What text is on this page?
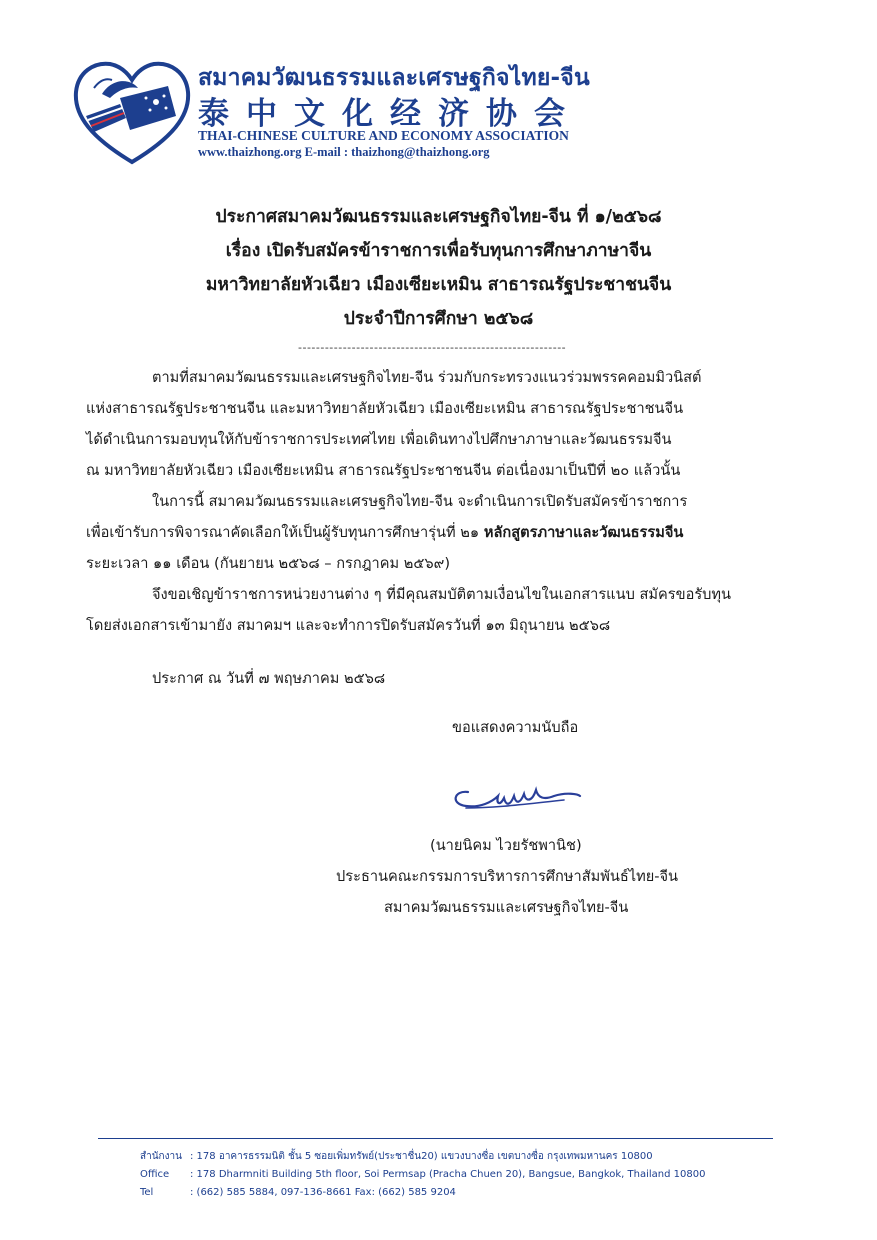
สมาคมวัฒนธรรมและเศรษฐกิจไทย-จีน
泰中文化经济协会
THAI-CHINESE CULTURE AND ECONOMY ASSOCIATION
www.thaizhong.org E-mail : thaizhong@thaizhong.org
ประกาศสมาคมวัฒนธรรมและเศรษฐกิจไทย-จีน ที่ ๑/๒๕๖๘
เรื่อง เปิดรับสมัครข้าราชการเพื่อรับทุนการศึกษาภาษาจีน
มหาวิทยาลัยหัวเฉียว เมืองเซียะเหมิน สาธารณรัฐประชาชนจีน
ประจำปีการศึกษา ๒๕๖๘
------------------------------------------------------------
ตามที่สมาคมวัฒนธรรมและเศรษฐกิจไทย-จีน ร่วมกับกระทรวงแนวร่วมพรรคคอมมิวนิสต์
แห่งสาธารณรัฐประชาชนจีน และมหาวิทยาลัยหัวเฉียว เมืองเซียะเหมิน สาธารณรัฐประชาชนจีน
ได้ดำเนินการมอบทุนให้กับข้าราชการประเทศไทย เพื่อเดินทางไปศึกษาภาษาและวัฒนธรรมจีน
ณ มหาวิทยาลัยหัวเฉียว เมืองเซียะเหมิน สาธารณรัฐประชาชนจีน ต่อเนื่องมาเป็นปีที่ ๒๐ แล้วนั้น
ในการนี้ สมาคมวัฒนธรรมและเศรษฐกิจไทย-จีน จะดำเนินการเปิดรับสมัครข้าราชการ
เพื่อเข้ารับการพิจารณาคัดเลือกให้เป็นผู้รับทุนการศึกษารุ่นที่ ๒๑ หลักสูตรภาษาและวัฒนธรรมจีน
ระยะเวลา ๑๑ เดือน (กันยายน ๒๕๖๘ – กรกฎาคม ๒๕๖๙)
จึงขอเชิญข้าราชการหน่วยงานต่าง ๆ ที่มีคุณสมบัติตามเงื่อนไขในเอกสารแนบ สมัครขอรับทุน
โดยส่งเอกสารเข้ามายัง สมาคมฯ และจะทำการปิดรับสมัครวันที่ ๑๓ มิถุนายน ๒๕๖๘
ประกาศ ณ วันที่ ๗ พฤษภาคม ๒๕๖๘
ขอแสดงความนับถือ
(นายนิคม ไวยรัชพานิช)
ประธานคณะกรรมการบริหารการศึกษาสัมพันธ์ไทย-จีน
สมาคมวัฒนธรรมและเศรษฐกิจไทย-จีน
สำนักงาน : 178 อาคารธรรมนิติ ชั้น 5 ซอยเพิ่มทรัพย์(ประชาชื่น20) แขวงบางซื่อ เขตบางซื่อ กรุงเทพมหานคร 10800
Office : 178 Dharmniti Building 5th floor, Soi Permsap (Pracha Chuen 20), Bangsue, Bangkok, Thailand 10800
Tel	: (662) 585 5884, 097-136-8661 Fax: (662) 585 9204
